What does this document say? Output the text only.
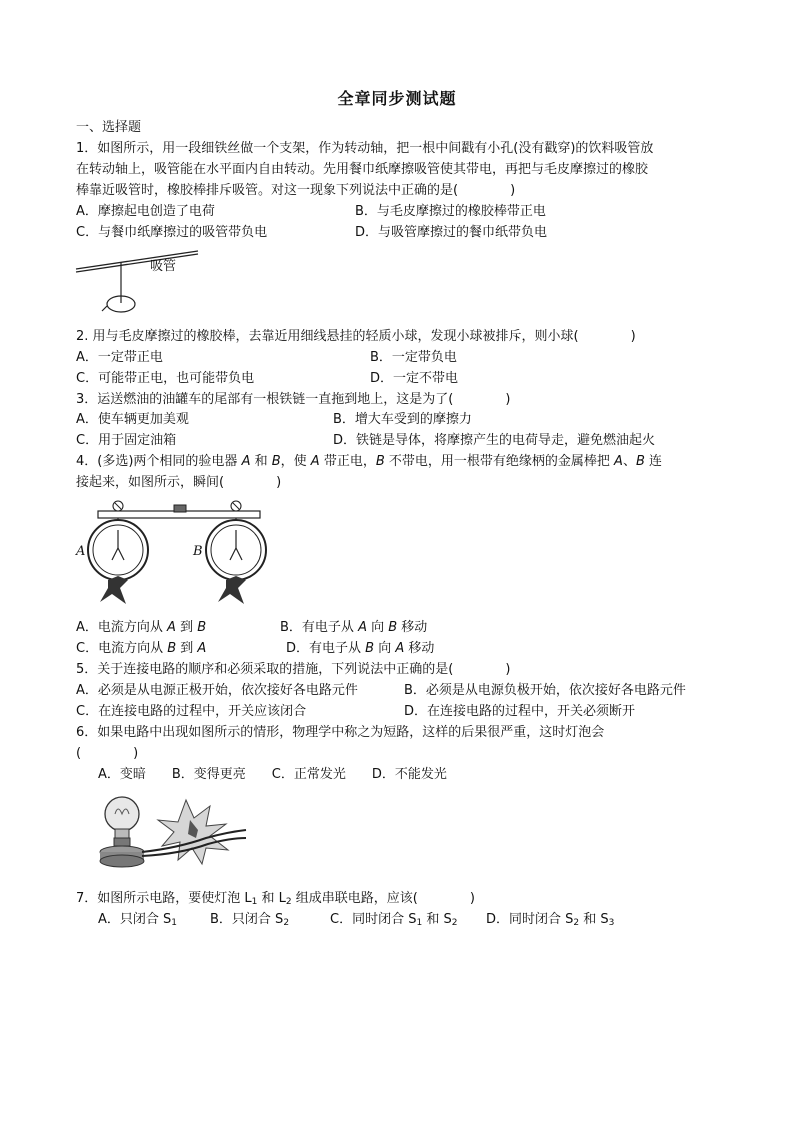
全章同步测试题
一、选择题
1．如图所示，用一段细铁丝做一个支架，作为转动轴，把一根中间戳有小孔(没有戳穿)的饮料吸管放
在转动轴上，吸管能在水平面内自由转动。先用餐巾纸摩擦吸管使其带电，再把与毛皮摩擦过的橡胶
棒靠近吸管时，橡胶棒排斥吸管。对这一现象下列说法中正确的是(　　　　)
A．摩擦起电创造了电荷	B．与毛皮摩擦过的橡胶棒带正电
C．与餐巾纸摩擦过的吸管带负电	D．与吸管摩擦过的餐巾纸带负电
吸管
2. 用与毛皮摩擦过的橡胶棒，去靠近用细线悬挂的轻质小球，发现小球被排斥，则小球(　　　　)
A．一定带正电	B．一定带负电
C．可能带正电，也可能带负电	D．一定不带电
3．运送燃油的油罐车的尾部有一根铁链一直拖到地上，这是为了(　　　　)
A．使车辆更加美观	B．增大车受到的摩擦力
C．用于固定油箱	D．铁链是导体，将摩擦产生的电荷导走，避免燃油起火
4．(多选)两个相同的验电器 A 和 B，使 A 带正电，B 不带电，用一根带有绝缘柄的金属棒把 A、B 连
接起来，如图所示，瞬间(　　　　)
A	B
A．电流方向从 A 到 B	B．有电子从 A 向 B 移动
C．电流方向从 B 到 A	D．有电子从 B 向 A 移动
5．关于连接电路的顺序和必须采取的措施，下列说法中正确的是(　　　　)
A．必须是从电源正极开始，依次接好各电路元件	B．必须是从电源负极开始，依次接好各电路元件
C．在连接电路的过程中，开关应该闭合	D．在连接电路的过程中，开关必须断开
6．如果电路中出现如图所示的情形，物理学中称之为短路，这样的后果很严重，这时灯泡会
(　　　　)
A．变暗　　B．变得更亮　　C．正常发光　　D．不能发光
7．如图所示电路，要使灯泡 $L_1$ 和 $L_2$ 组成串联电路，应该(　　　　)
A．只闭合 $S_1$	B．只闭合 $S_2$	C．同时闭合 $S_1$ 和 $S_2$ D．同时闭合 $S_2$ 和 $S_3$
